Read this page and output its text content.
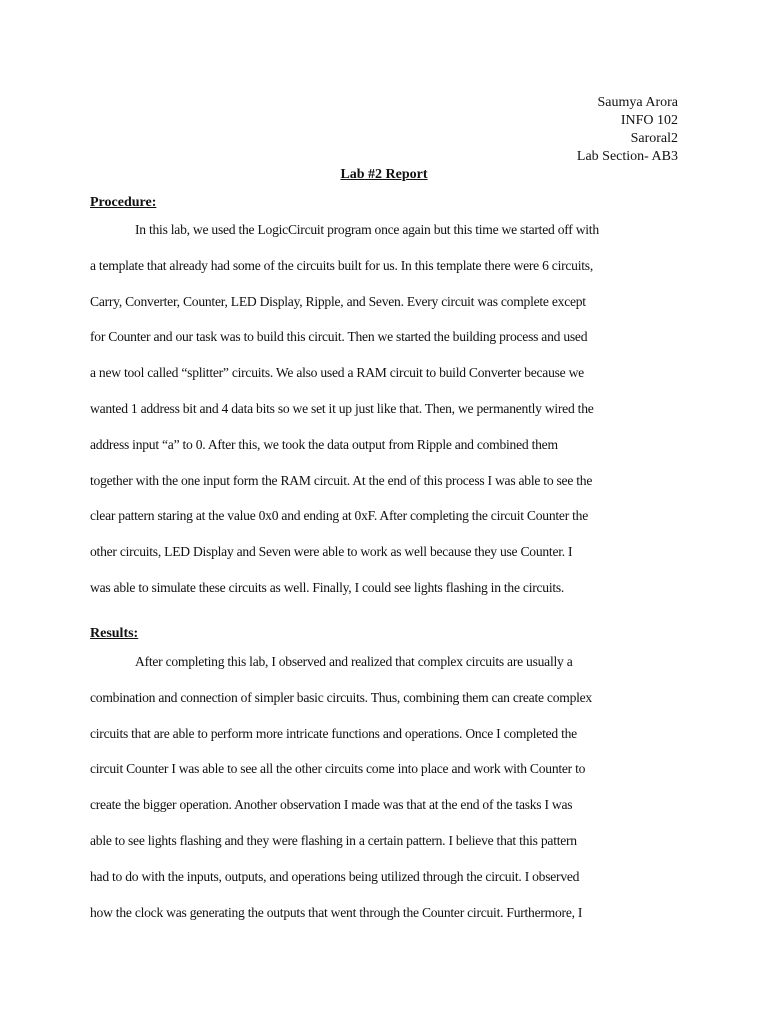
Saumya Arora
INFO 102
Saroral2
Lab Section- AB3
Lab #2 Report
Procedure:

In this lab, we used the LogicCircuit program once again but this time we started off with
a template that already had some of the circuits built for us. In this template there were 6 circuits,
Carry, Converter, Counter, LED Display, Ripple, and Seven. Every circuit was complete except
for Counter and our task was to build this circuit. Then we started the building process and used
a new tool called “splitter” circuits. We also used a RAM circuit to build Converter because we
wanted 1 address bit and 4 data bits so we set it up just like that. Then, we permanently wired the
address input “a” to 0. After this, we took the data output from Ripple and combined them
together with the one input form the RAM circuit. At the end of this process I was able to see the
clear pattern staring at the value 0x0 and ending at 0xF. After completing the circuit Counter the
other circuits, LED Display and Seven were able to work as well because they use Counter. I
was able to simulate these circuits as well. Finally, I could see lights flashing in the circuits.

Results:

After completing this lab, I observed and realized that complex circuits are usually a
combination and connection of simpler basic circuits. Thus, combining them can create complex
circuits that are able to perform more intricate functions and operations. Once I completed the
circuit Counter I was able to see all the other circuits come into place and work with Counter to
create the bigger operation. Another observation I made was that at the end of the tasks I was
able to see lights flashing and they were flashing in a certain pattern. I believe that this pattern
had to do with the inputs, outputs, and operations being utilized through the circuit. I observed
how the clock was generating the outputs that went through the Counter circuit. Furthermore, I
